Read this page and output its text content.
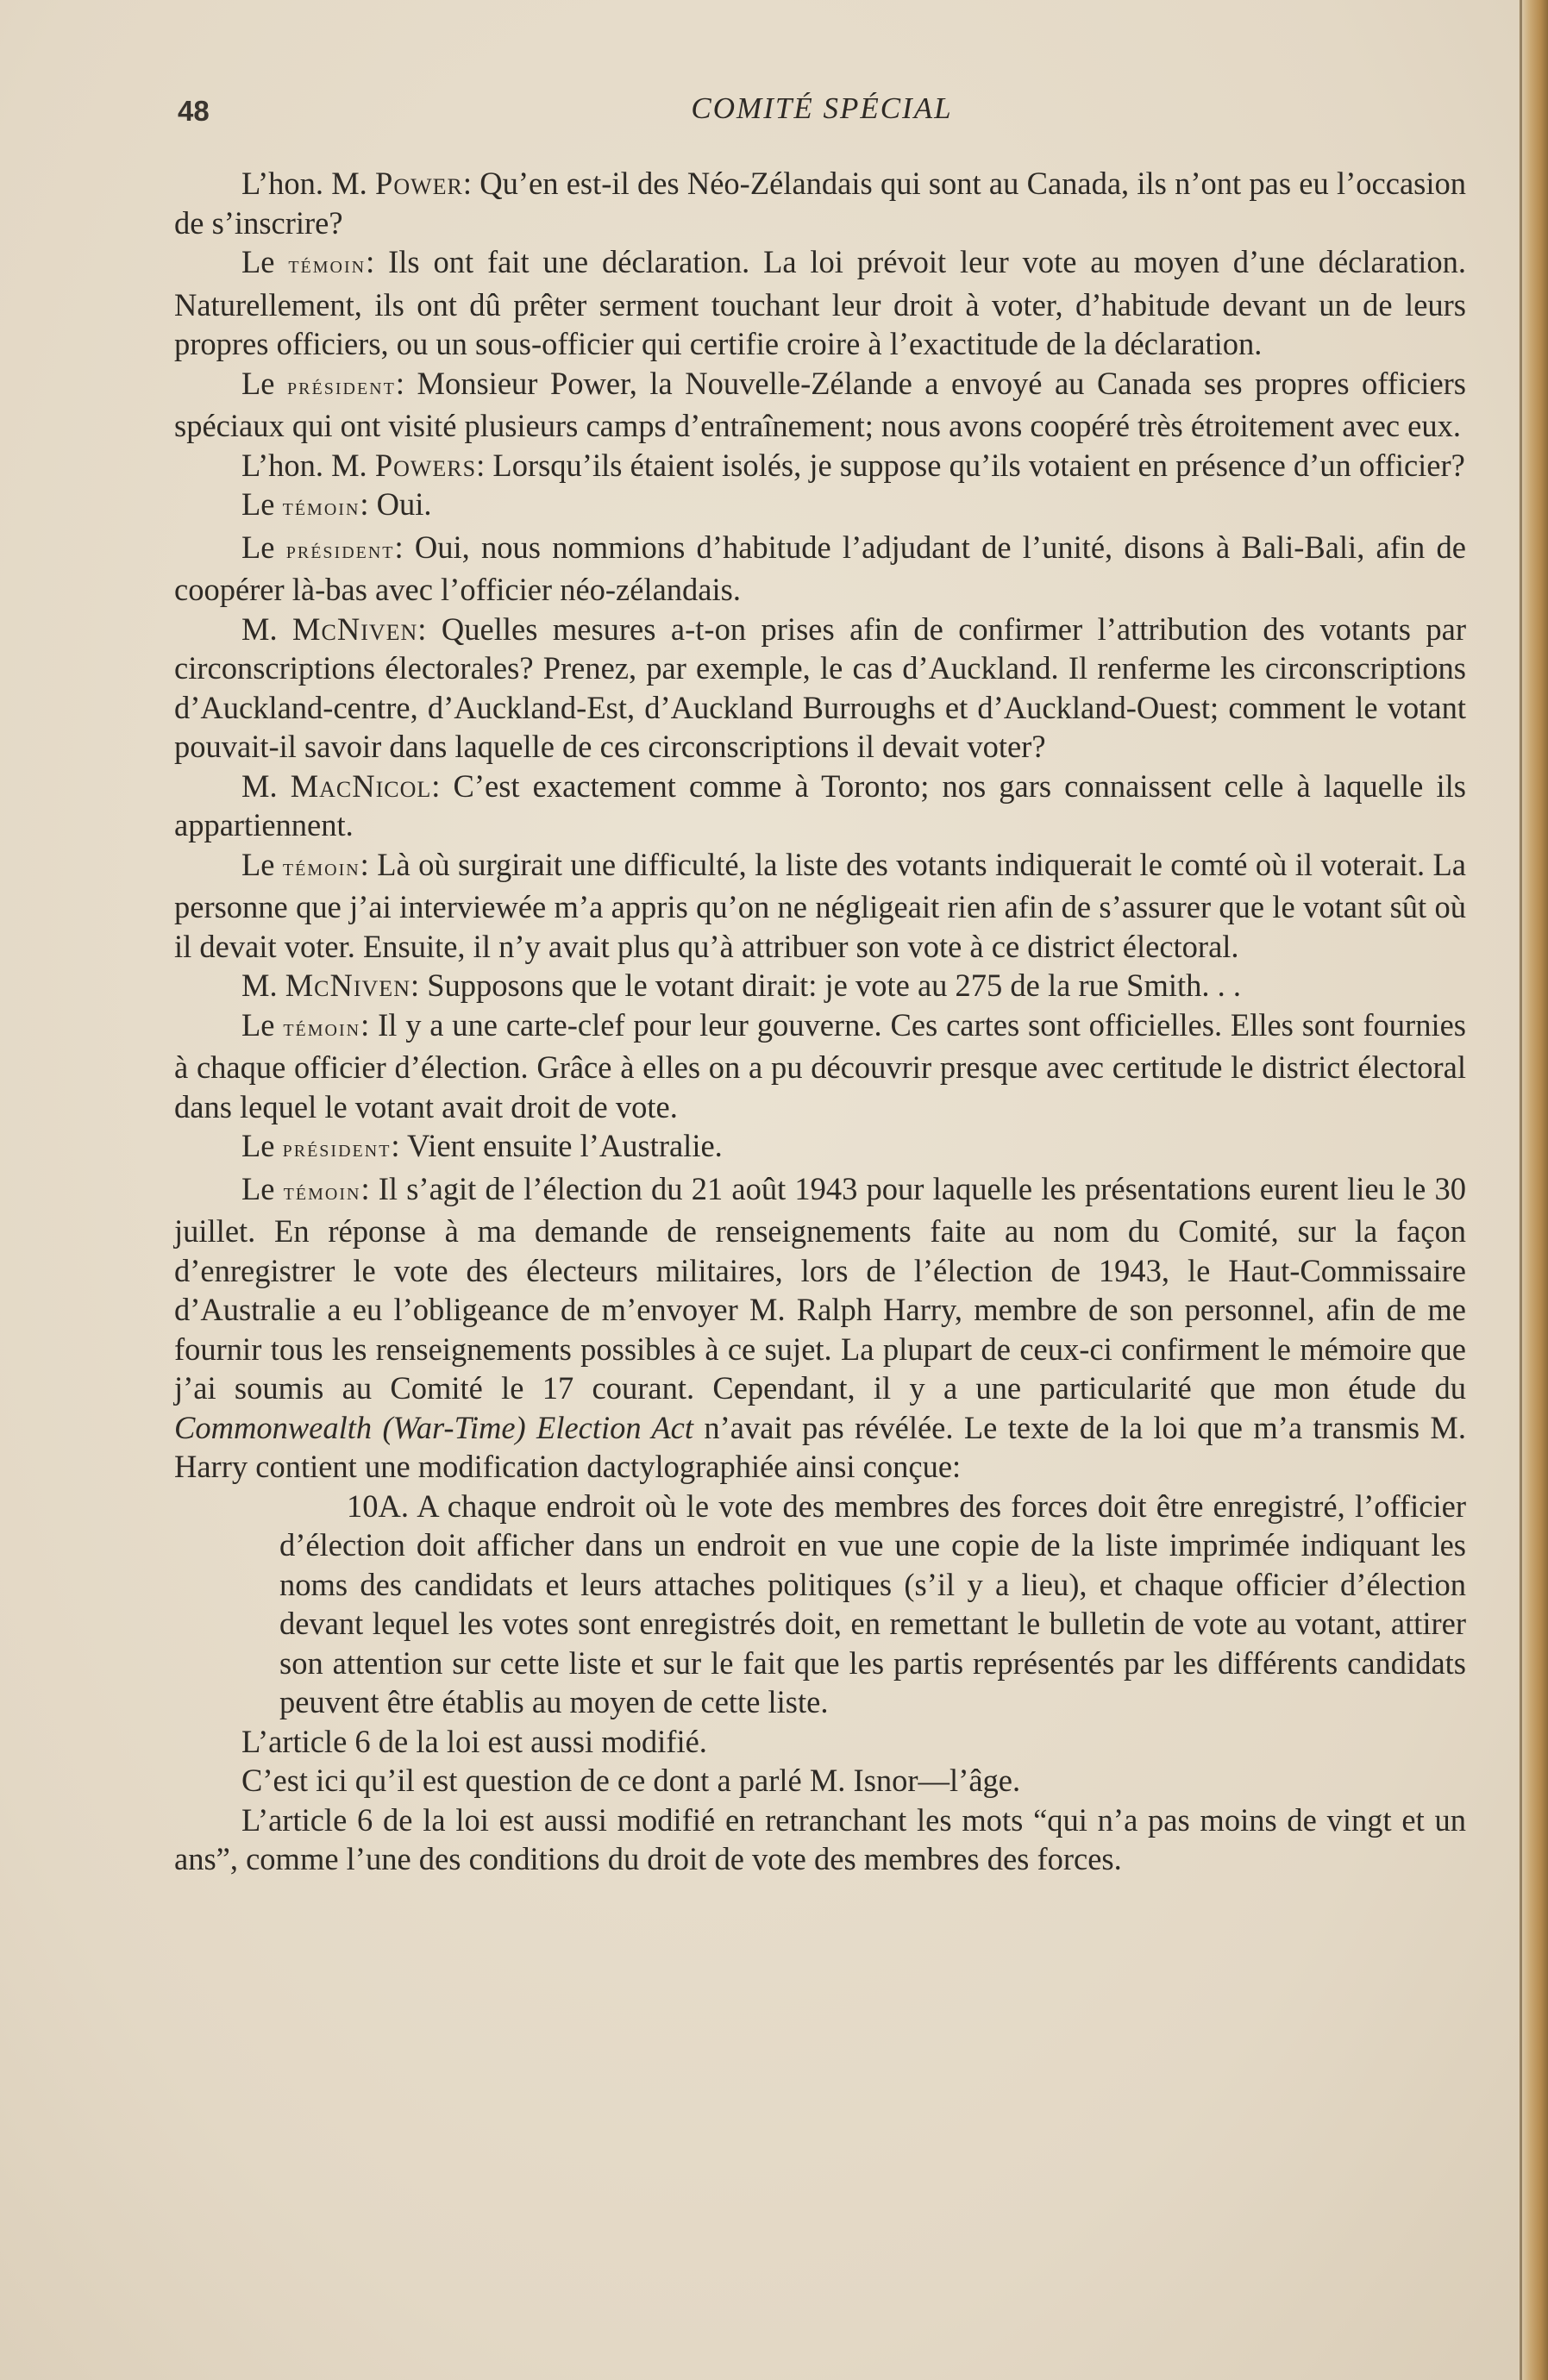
48	COMITÉ SPÉCIAL

L’hon. M. Power: Qu’en est-il des Néo-Zélandais qui sont au Canada, ils n’ont pas eu l’occasion de s’inscrire?

Le témoin: Ils ont fait une déclaration. La loi prévoit leur vote au moyen d’une déclaration. Naturellement, ils ont dû prêter serment touchant leur droit à voter, d’habitude devant un de leurs propres officiers, ou un sous-officier qui certifie croire à l’exactitude de la déclaration.

Le président: Monsieur Power, la Nouvelle-Zélande a envoyé au Canada ses propres officiers spéciaux qui ont visité plusieurs camps d’entraînement; nous avons coopéré très étroitement avec eux.

L’hon. M. Powers: Lorsqu’ils étaient isolés, je suppose qu’ils votaient en présence d’un officier?

Le témoin: Oui.

Le président: Oui, nous nommions d’habitude l’adjudant de l’unité, disons à Bali-Bali, afin de coopérer là-bas avec l’officier néo-zélandais.

M. McNiven: Quelles mesures a-t-on prises afin de confirmer l’attribution des votants par circonscriptions électorales? Prenez, par exemple, le cas d’Auckland. Il renferme les circonscriptions d’Auckland-centre, d’Auckland-Est, d’Auckland Burroughs et d’Auckland-Ouest; comment le votant pouvait-il savoir dans laquelle de ces circonscriptions il devait voter?

M. MacNicol: C’est exactement comme à Toronto; nos gars connaissent celle à laquelle ils appartiennent.

Le témoin: Là où surgirait une difficulté, la liste des votants indiquerait le comté où il voterait. La personne que j’ai interviewée m’a appris qu’on ne négligeait rien afin de s’assurer que le votant sût où il devait voter. Ensuite, il n’y avait plus qu’à attribuer son vote à ce district électoral.

M. McNiven: Supposons que le votant dirait: je vote au 275 de la rue Smith. . .

Le témoin: Il y a une carte-clef pour leur gouverne. Ces cartes sont officielles. Elles sont fournies à chaque officier d’élection. Grâce à elles on a pu découvrir presque avec certitude le district électoral dans lequel le votant avait droit de vote.

Le président: Vient ensuite l’Australie.

Le témoin: Il s’agit de l’élection du 21 août 1943 pour laquelle les présentations eurent lieu le 30 juillet. En réponse à ma demande de renseignements faite au nom du Comité, sur la façon d’enregistrer le vote des électeurs militaires, lors de l’élection de 1943, le Haut-Commissaire d’Australie a eu l’obligeance de m’envoyer M. Ralph Harry, membre de son personnel, afin de me fournir tous les renseignements possibles à ce sujet. La plupart de ceux-ci confirment le mémoire que j’ai soumis au Comité le 17 courant. Cependant, il y a une particularité que mon étude du Commonwealth (War-Time) Election Act n’avait pas révélée. Le texte de la loi que m’a transmis M. Harry contient une modification dactylographiée ainsi conçue:

10A. A chaque endroit où le vote des membres des forces doit être enregistré, l’officier d’élection doit afficher dans un endroit en vue une copie de la liste imprimée indiquant les noms des candidats et leurs attaches politiques (s’il y a lieu), et chaque officier d’élection devant lequel les votes sont enregistrés doit, en remettant le bulletin de vote au votant, attirer son attention sur cette liste et sur le fait que les partis représentés par les différents candidats peuvent être établis au moyen de cette liste.

L’article 6 de la loi est aussi modifié.

C’est ici qu’il est question de ce dont a parlé M. Isnor—l’âge.

L’article 6 de la loi est aussi modifié en retranchant les mots “qui n’a pas moins de vingt et un ans”, comme l’une des conditions du droit de vote des membres des forces.
